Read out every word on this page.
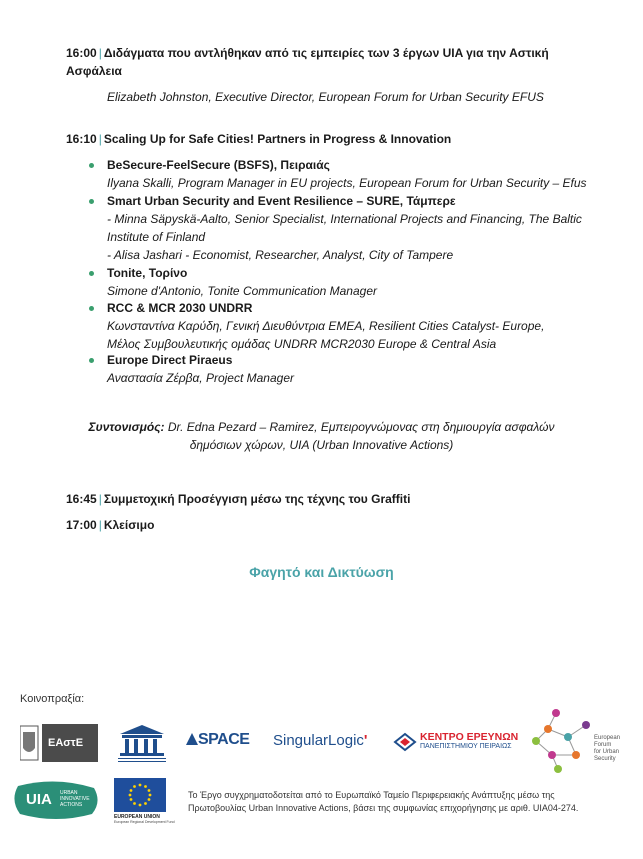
16:00 | Διδάγματα που αντλήθηκαν από τις εμπειρίες των 3 έργων UIA για την Αστική
Ασφάλεια
Elizabeth Johnston, Executive Director, European Forum for Urban Security EFUS
16:10 | Scaling Up for Safe Cities! Partners in Progress & Innovation
BeSecure-FeelSecure (BSFS), Πειραιάς
Ilyana Skalli, Program Manager in EU projects, European Forum for Urban Security – Efus
Smart Urban Security and Event Resilience – SURE, Τάμπερε
- Minna Säpyskä-Aalto, Senior Specialist, International Projects and Financing, The Baltic
Institute of Finland
- Alisa Jashari - Economist, Researcher, Analyst, City of Tampere
Tonite, Τορίνο
Simone d'Antonio, Tonite Communication Manager
RCC & MCR 2030 UNDRR
Κωνσταντίνα Καρύδη, Γενική Διευθύντρια EMEA, Resilient Cities Catalyst- Europe,
Μέλος Συμβουλευτικής ομάδας UNDRR MCR2030 Europe & Central Asia
Europe Direct Piraeus
Αναστασία Ζέρβα, Project Manager
Συντονισμός: Dr. Edna Pezard – Ramirez, Εμπειρογνώμονας στη δημιουργία ασφαλών
δημόσιων χώρων, UIA (Urban Innovative Actions)
16:45 | Συμμετοχική Προσέγγιση μέσω της τέχνης του Graffiti
17:00 | Κλείσιμο
Φαγητό και Δικτύωση
Κοινοπραξία:
ΕΑστΕ	SPACE SingularLogic'	ΚΕΝΤΡΟ ΕΡΕΥΝΩΝ
ΠΑΝΕΠΙΣΤΗΜΙΟΥ ΠΕΙΡΑΙΩΣ
European
Forum
for Urban
Security
UIA URBAN
INNOVATIVE
ACTIONS
EUROPEAN UNION
European Regional Development Fund
Το Έργο συγχρηματοδοτείται από το Ευρωπαϊκό Ταμείο Περιφερειακής Ανάπτυξης μέσω της
Πρωτοβουλίας Urban Innovative Actions, βάσει της συμφωνίας επιχορήγησης με αριθ. UIA04-274.
